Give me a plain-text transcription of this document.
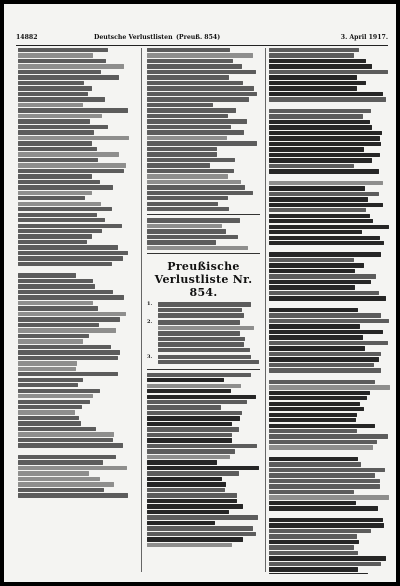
14882	Deutsche Verlustlisten (Preuß. 854)	3. April 1917.
Preußische Verlustliste Nr. 854.
1.
2.
3.
